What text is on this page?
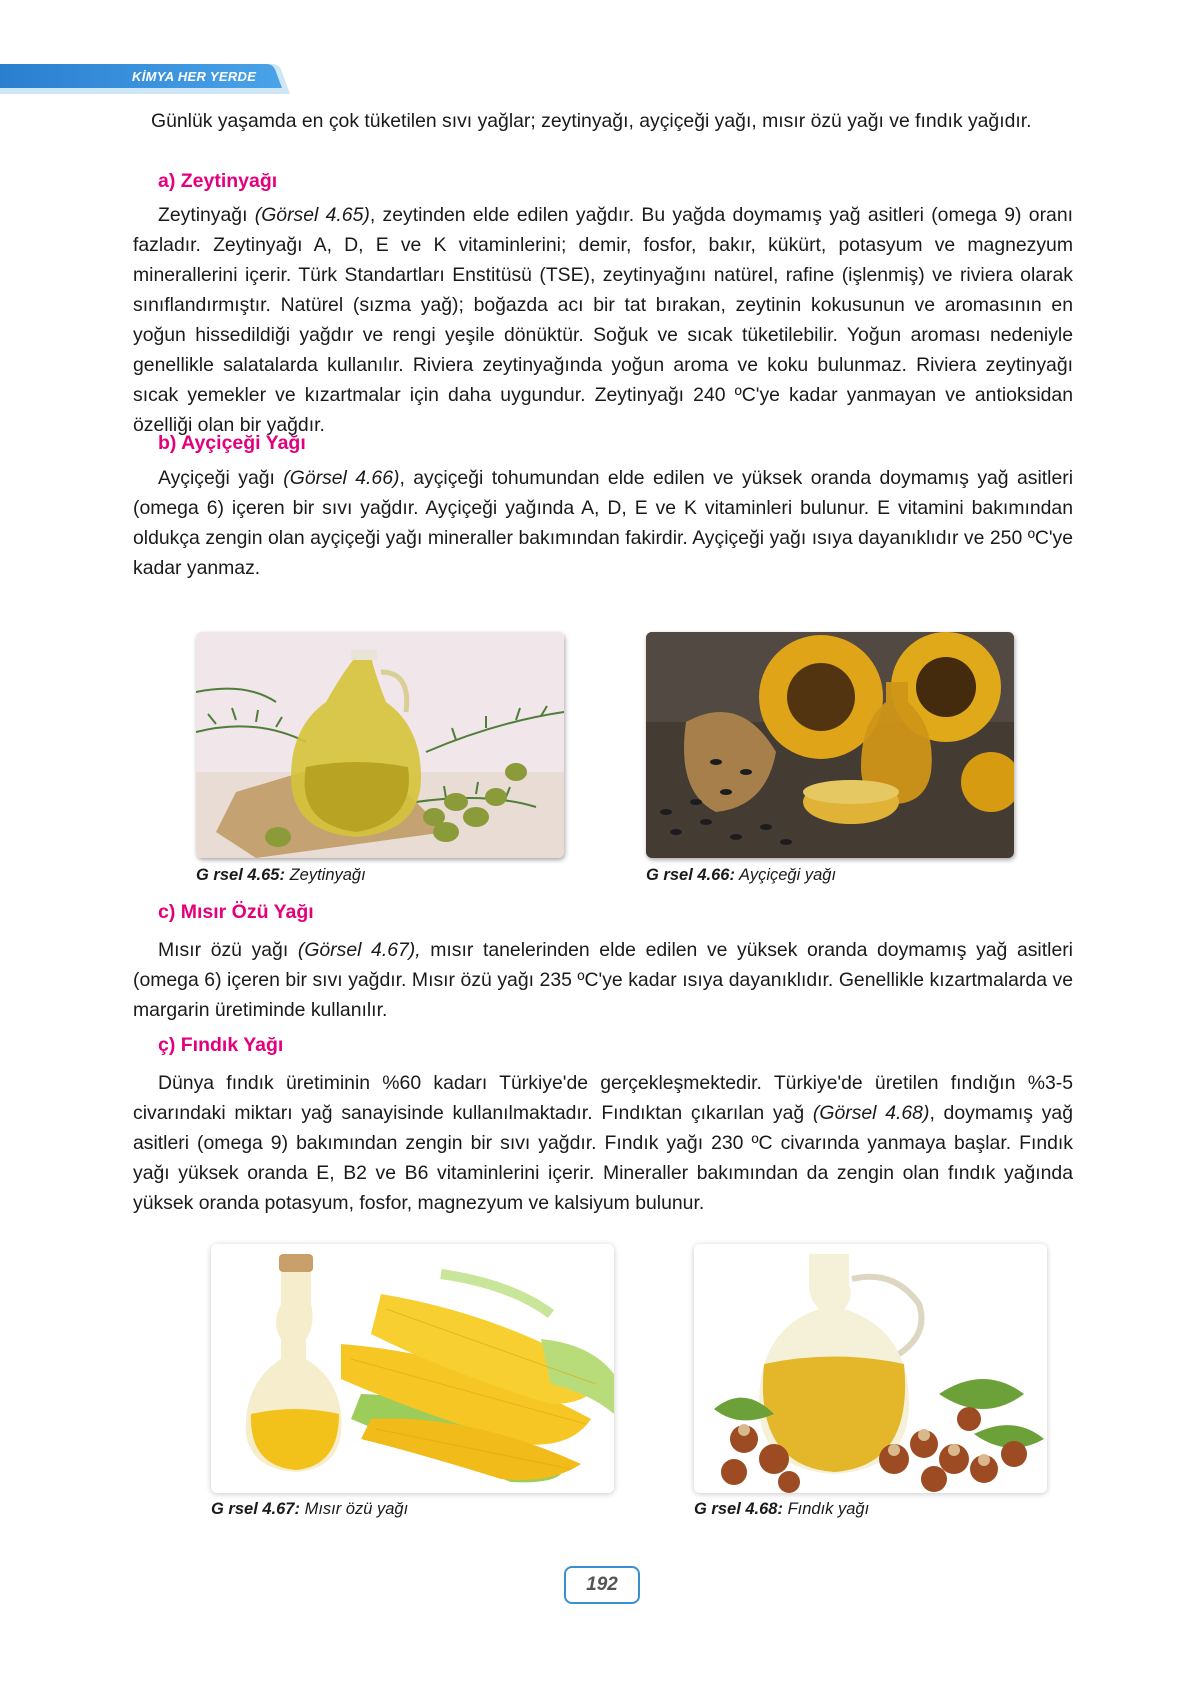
KİMYA HER YERDE

Günlük yaşamda en çok tüketilen sıvı yağlar; zeytinyağı, ayçiçeği yağı, mısır özü yağı ve fındık yağıdır.

a) Zeytinyağı

Zeytinyağı (Görsel 4.65), zeytinden elde edilen yağdır. Bu yağda doymamış yağ asitleri (omega 9) oranı fazladır. Zeytinyağı A, D, E ve K vitaminlerini; demir, fosfor, bakır, kükürt, potasyum ve magnezyum minerallerini içerir. Türk Standartları Enstitüsü (TSE), zeytinyağını natürel, rafine (işlenmiş) ve riviera olarak sınıflandırmıştır. Natürel (sızma yağ); boğazda acı bir tat bırakan, zeytinin kokusunun ve aromasının en yoğun hissedildiği yağdır ve rengi yeşile dönüktür. Soğuk ve sıcak tüketilebilir. Yoğun aroması nedeniyle genellikle salatalarda kullanılır. Riviera zeytinyağında yoğun aroma ve koku bulunmaz. Riviera zeytinyağı sıcak yemekler ve kızartmalar için daha uygundur. Zeytinyağı 240 ºC'ye kadar yanmayan ve antioksidan özelliği olan bir yağdır.

b) Ayçiçeği Yağı

Ayçiçeği yağı (Görsel 4.66), ayçiçeği tohumundan elde edilen ve yüksek oranda doymamış yağ asitleri (omega 6) içeren bir sıvı yağdır. Ayçiçeği yağında A, D, E ve K vitaminleri bulunur. E vitamini bakımından oldukça zengin olan ayçiçeği yağı mineraller bakımından fakirdir. Ayçiçeği yağı ısıya dayanıklıdır ve 250 ºC'ye kadar yanmaz.

G rsel 4.65: Zeytinyağı	G rsel 4.66: Ayçiçeği yağı
c) Mısır Özü Yağı

Mısır özü yağı (Görsel 4.67), mısır tanelerinden elde edilen ve yüksek oranda doymamış yağ asitleri (omega 6) içeren bir sıvı yağdır. Mısır özü yağı 235 ºC'ye kadar ısıya dayanıklıdır. Genellikle kızartmalarda ve margarin üretiminde kullanılır.

ç) Fındık Yağı

Dünya fındık üretiminin %60 kadarı Türkiye'de gerçekleşmektedir. Türkiye'de üretilen fındığın %3-5 civarındaki miktarı yağ sanayisinde kullanılmaktadır. Fındıktan çıkarılan yağ (Görsel 4.68), doymamış yağ asitleri (omega 9) bakımından zengin bir sıvı yağdır. Fındık yağı 230 ºC civarında yanmaya başlar. Fındık yağı yüksek oranda E, B2 ve B6 vitaminlerini içerir. Mineraller bakımından da zengin olan fındık yağında yüksek oranda potasyum, fosfor, magnezyum ve kalsiyum bulunur.

G rsel 4.67: Mısır özü yağı	G rsel 4.68: Fındık yağı
192
